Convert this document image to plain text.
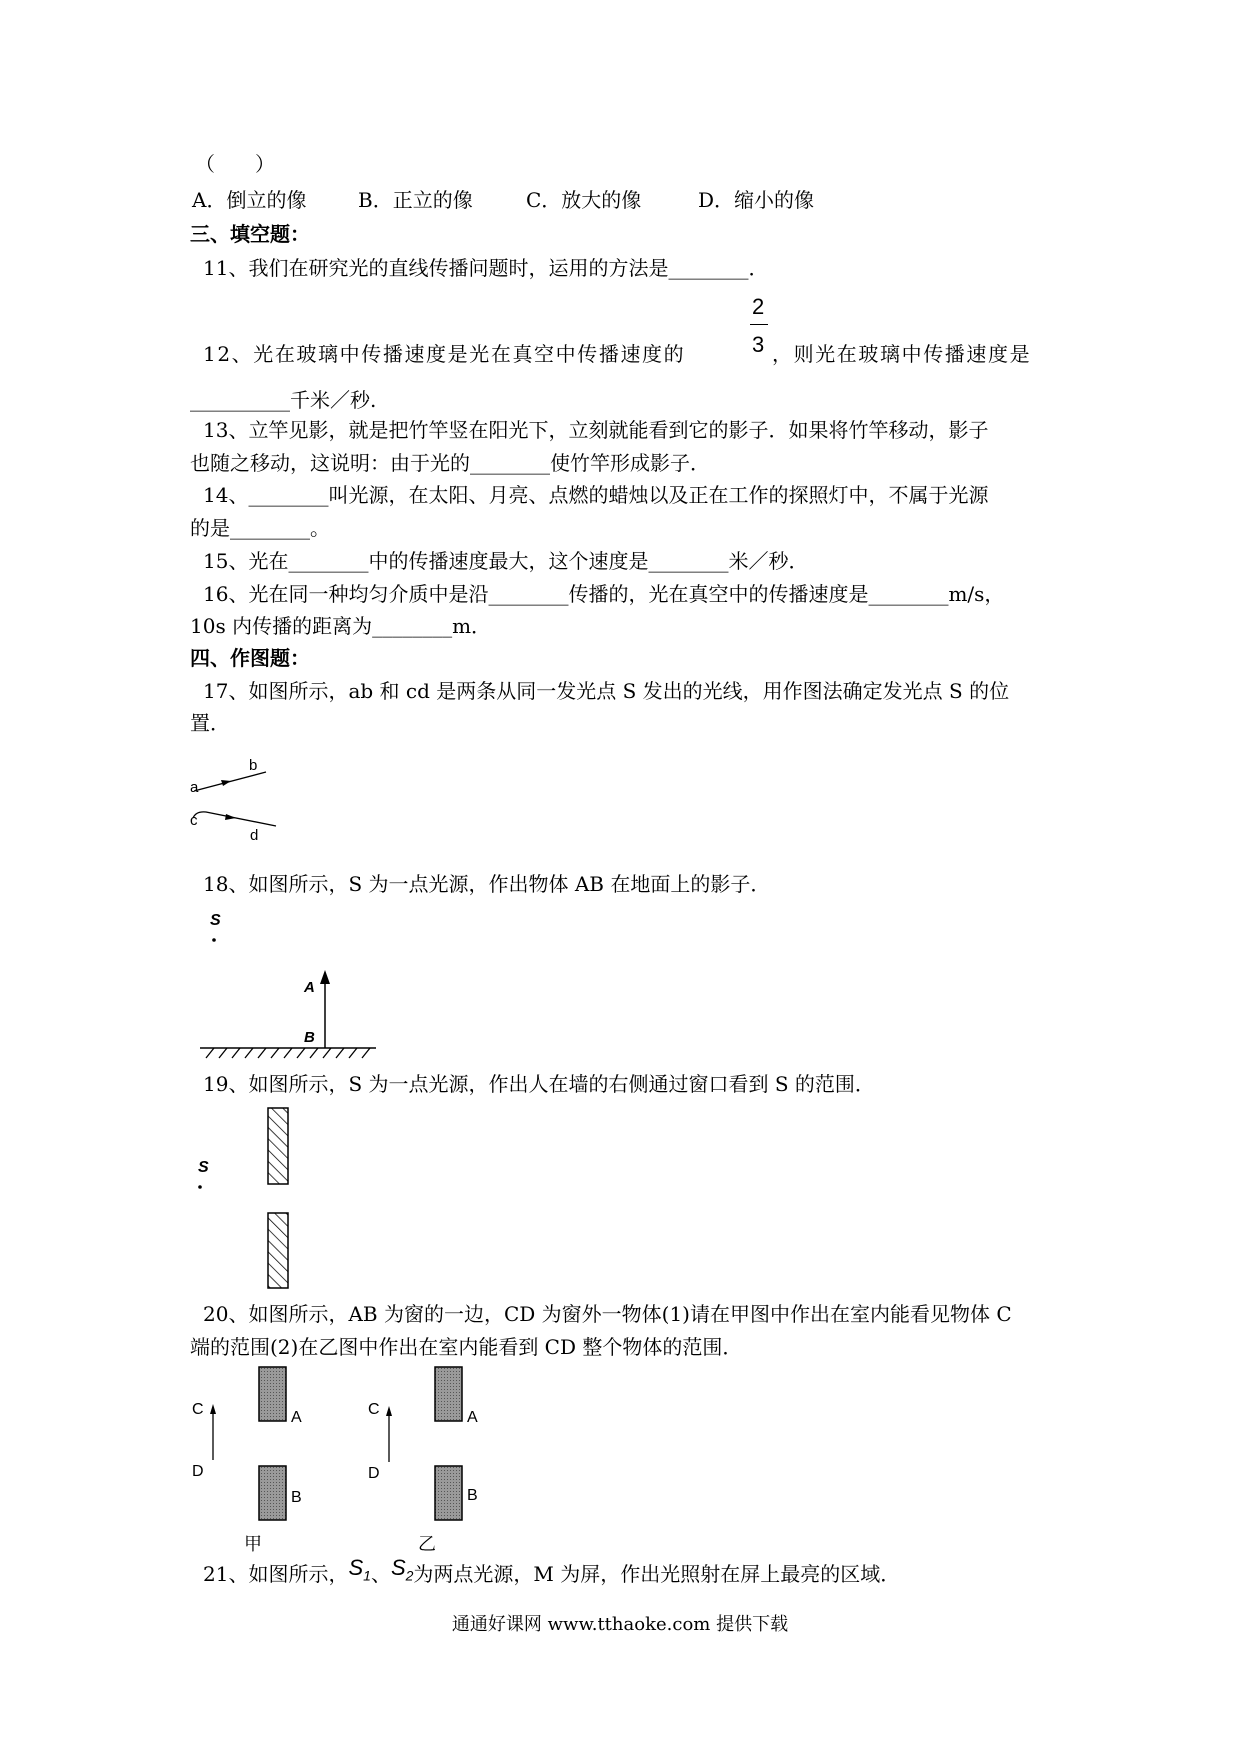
（　　）
A．倒立的像	B．正立的像	C．放大的像	D．缩小的像
三、填空题：
11、我们在研究光的直线传播问题时，运用的方法是________．
2
3
12、光在玻璃中传播速度是光在真空中传播速度的	，则光在玻璃中传播速度是
__________千米／秒.
13、立竿见影，就是把竹竿竖在阳光下，立刻就能看到它的影子．如果将竹竿移动，影子
也随之移动，这说明：由于光的________使竹竿形成影子．
14、________叫光源，在太阳、月亮、点燃的蜡烛以及正在工作的探照灯中，不属于光源
的是________。
15、光在________中的传播速度最大，这个速度是________米／秒．
16、光在同一种均匀介质中是沿________传播的，光在真空中的传播速度是________m/s，
10s 内传播的距离为________m．
四、作图题：
17、如图所示，ab 和 cd 是两条从同一发光点 S 发出的光线，用作图法确定发光点 S 的位
置．
18、如图所示，S 为一点光源，作出物体 AB 在地面上的影子．
19、如图所示，S 为一点光源，作出人在墙的右侧通过窗口看到 S 的范围．
20、如图所示，AB 为窗的一边，CD 为窗外一物体(1)请在甲图中作出在室内能看见物体 C
端的范围(2)在乙图中作出在室内能看到 CD 整个物体的范围．
21、如图所示，$S_1$、$S_2$为两点光源，M 为屏，作出光照射在屏上最亮的区域．
a
b
c
d
S
A
B
S
C
D
A
B
甲
C
D
A
B
乙
通通好课网 www.tthaoke.com 提供下载
